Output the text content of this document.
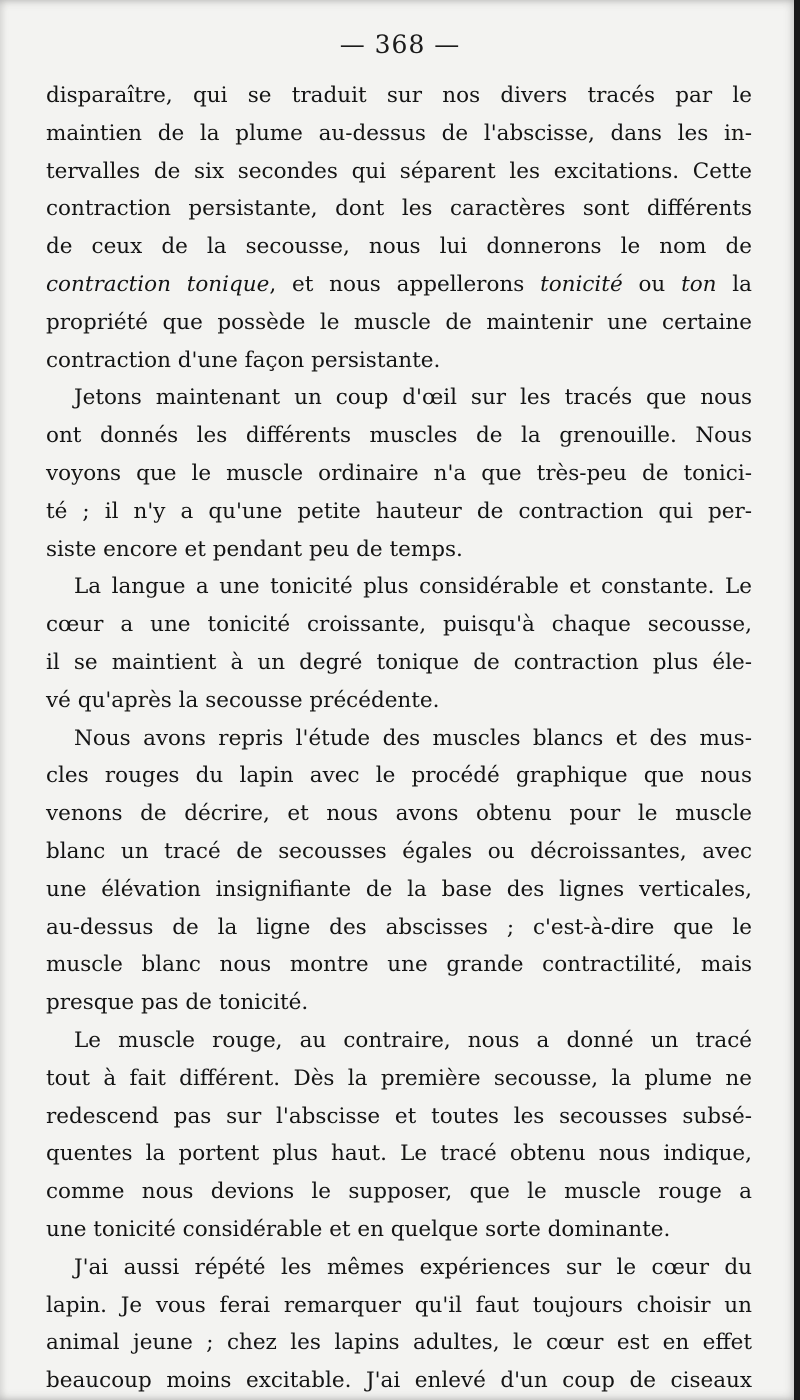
— 368 —
disparaître, qui se traduit sur nos divers tracés par le
maintien de la plume au-dessus de l'abscisse, dans les in-
tervalles de six secondes qui séparent les excitations. Cette
contraction persistante, dont les caractères sont différents
de ceux de la secousse, nous lui donnerons le nom de
contraction tonique, et nous appellerons tonicité ou ton la
propriété que possède le muscle de maintenir une certaine
contraction d'une façon persistante.
Jetons maintenant un coup d'œil sur les tracés que nous
ont donnés les différents muscles de la grenouille. Nous
voyons que le muscle ordinaire n'a que très-peu de tonici-
té ; il n'y a qu'une petite hauteur de contraction qui per-
siste encore et pendant peu de temps.
La langue a une tonicité plus considérable et constante. Le
cœur a une tonicité croissante, puisqu'à chaque secousse,
il se maintient à un degré tonique de contraction plus éle-
vé qu'après la secousse précédente.
Nous avons repris l'étude des muscles blancs et des mus-
cles rouges du lapin avec le procédé graphique que nous
venons de décrire, et nous avons obtenu pour le muscle
blanc un tracé de secousses égales ou décroissantes, avec
une élévation insignifiante de la base des lignes verticales,
au-dessus de la ligne des abscisses ; c'est-à-dire que le
muscle blanc nous montre une grande contractilité, mais
presque pas de tonicité.
Le muscle rouge, au contraire, nous a donné un tracé
tout à fait différent. Dès la première secousse, la plume ne
redescend pas sur l'abscisse et toutes les secousses subsé-
quentes la portent plus haut. Le tracé obtenu nous indique,
comme nous devions le supposer, que le muscle rouge a
une tonicité considérable et en quelque sorte dominante.
J'ai aussi répété les mêmes expériences sur le cœur du
lapin. Je vous ferai remarquer qu'il faut toujours choisir un
animal jeune ; chez les lapins adultes, le cœur est en effet
beaucoup moins excitable. J'ai enlevé d'un coup de ciseaux
